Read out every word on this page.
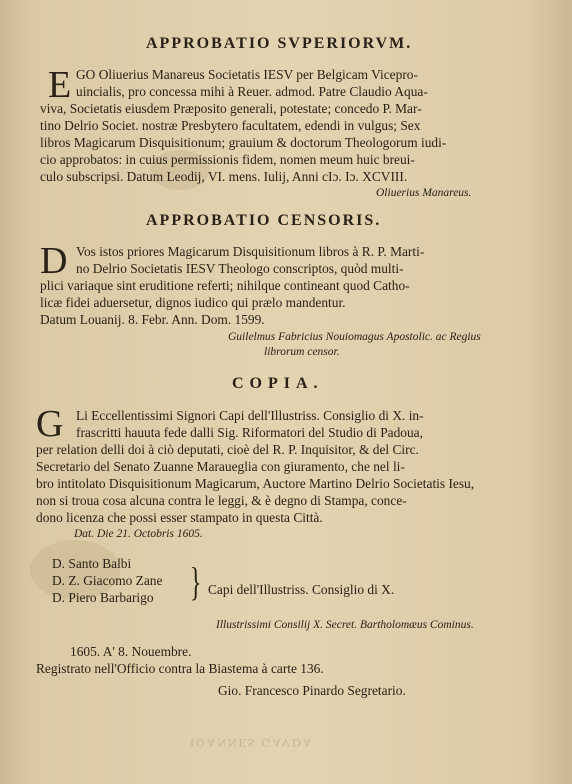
APPROBATIO SVPERIORVM.
E GO Oliuerius Manareus Societatis IESV per Belgicam Vicepro-
uincialis, pro concessa mihi à Reuer. admod. Patre Claudio Aqua-
viva, Societatis eiusdem Præposito generali, potestate; concedo P. Mar-
tino Delrio Societ. nostræ Presbytero facultatem, edendi in vulgus; Sex
libros Magicarum Disquisitionum; grauium & doctorum Theologorum iudi-
cio approbatos: in cuius permissionis fidem, nomen meum huic breui-
culo subscripsi. Datum Leodij, VI. mens. Iulij, Anni cIɔ. Iɔ. XCVIII.
Oliuerius Manareus.
APPROBATIO CENSORIS.
D Vos istos priores Magicarum Disquisitionum libros à R. P. Marti-
no Delrio Societatis IESV Theologo conscriptos, quòd multi-
plici variaque sint eruditione referti; nihilque contineant quod Catho-
licæ fidei aduersetur, dignos iudico qui prælo mandentur.
Datum Louanij. 8. Febr. Ann. Dom. 1599.
Guilelmus Fabricius Nouiomagus Apostolic. ac Regius
librorum censor.
COPIA.
G Li Eccellentissimi Signori Capi dell'Illustriss. Consiglio di X. in-
frascritti hauuta fede dalli Sig. Riformatori del Studio di Padoua,
per relation delli doi à ciò deputati, cioè del R. P. Inquisitor, & del Circ.
Secretario del Senato Zuanne Maraueglia con giuramento, che nel li-
bro intitolato Disquisitionum Magicarum, Auctore Martino Delrio Societatis Iesu,
non si troua cosa alcuna contra le leggi, & è degno di Stampa, conce-
dono licenza che possi esser stampato in questa Città.
Dat. Die 21. Octobris 1605.
D. Santo Balbi
D. Z. Giacomo Zane
D. Piero Barbarigo } Capi dell'Illustriss. Consiglio di X.
Illustrissimi Consilij X. Secret. Bartholomæus Cominus.
1605. A' 8. Nouembre.
Registrato nell'Officio contra la Biastema à carte 136.
Gio. Francesco Pinardo Segretario.
IOANNES GAVDA
